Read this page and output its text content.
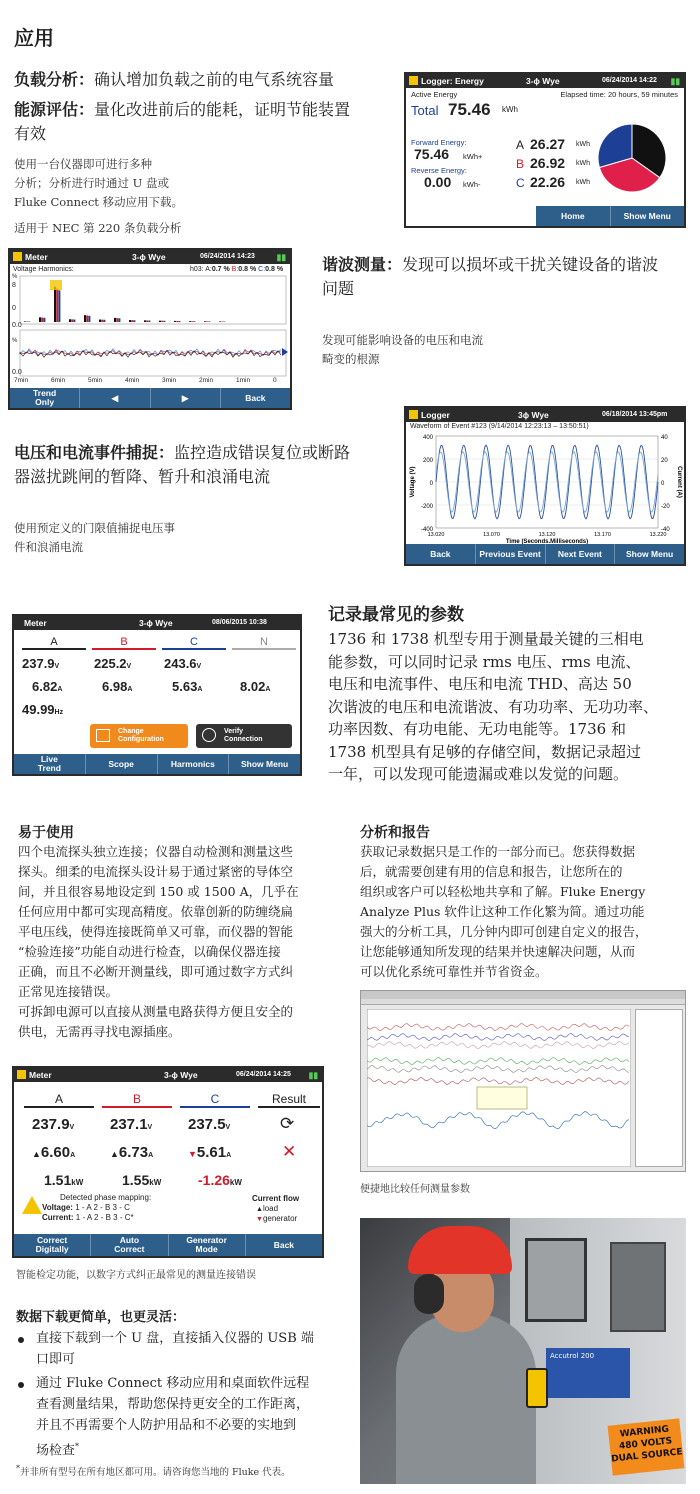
应用
负载分析：确认增加负载之前的电气系统容量
能源评估：量化改进前后的能耗，证明节能装置
有效
使用一台仪器即可进行多种
分析；分析进行时通过 U 盘或
Fluke Connect 移动应用下载。
适用于 NEC 第 220 条负载分析
Logger: Energy	3-ϕ Wye	06/24/2014 14:22 ▮▮
Active Energy	Elapsed time: 20 hours, 59 minutes
Total 75.46 kWh
Forward Energy:
75.46 kWh+
Reverse Energy:
0.00 kWh-
A 26.27 kWh
B 26.92 kWh
C 22.26 kWh
Home	Show Menu
Meter	3-ϕ Wye	06/24/2014 14:23	▮▮
Voltage Harmonics:	h03: A:0.7 % B:0.8 % C:0.8 %
%
8
0
0.0
%
0.0
7min	6min	5min	4min	3min	2min	1min	0
Trend
Only	◀	▶	Back
谐波测量：发现可以损坏或干扰关键设备的谐波
问题
发现可能影响设备的电压和电流
畸变的根源
Logger	3ϕ Wye	06/18/2014 13:45pm
Waveform of Event #123 (9/14/2014 12:23:13 – 13:50:51)
400
200
0
-200
-400
40
20
0
-20
-40
13.020	13.070	13.120	13.170	13.220
Time (Seconds.Milliseconds)
Voltage (V)	Current (A)
Back	Previous Event	Next Event	Show Menu
电压和电流事件捕捉：监控造成错误复位或断路
器滋扰跳闸的暂降、暂升和浪涌电流
使用预定义的门限值捕捉电压事
件和浪涌电流
Meter	3-ϕ Wye	08/06/2015 10:38
A	B	C	N
237.9V	225.2V	243.6V
6.82A	6.98A	5.63A	8.02A
49.99Hz
Change
Configuration
Verify
Connection
Live
Trend	Scope	Harmonics	Show Menu
记录最常见的参数
1736 和 1738 机型专用于测量最关键的三相电
能参数，可以同时记录 rms 电压、rms 电流、
电压和电流事件、电压和电流 THD、高达 50
次谐波的电压和电流谐波、有功功率、无功功率、
功率因数、有功电能、无功电能等。1736 和
1738 机型具有足够的存储空间，数据记录超过
一年，可以发现可能遗漏或难以发觉的问题。
易于使用
四个电流探头独立连接；仪器自动检测和测量这些
探头。细柔的电流探头设计易于通过紧密的导体空
间，并且很容易地设定到 150 或 1500 A，几乎在
任何应用中都可实现高精度。依靠创新的防缠绕扁
平电压线，使得连接既简单又可靠，而仪器的智能
“检验连接”功能自动进行检查，以确保仪器连接
正确，而且不必断开测量线，即可通过数字方式纠
正常见连接错误。
可拆卸电源可以直接从测量电路获得方便且安全的
供电，无需再寻找电源插座。
分析和报告
获取记录数据只是工作的一部分而已。您获得数据
后，就需要创建有用的信息和报告，让您所在的
组织或客户可以轻松地共享和了解。Fluke Energy
Analyze Plus 软件让这种工作化繁为简。通过功能
强大的分析工具，几分钟内即可创建自定义的报告，
让您能够通知所发现的结果并快速解决问题，从而
可以优化系统可靠性并节省资金。
便捷地比较任何测量参数
Meter	3-ϕ Wye	06/24/2014 14:25 ▮▮
A	B	C	Result
237.9V 237.1V 237.5V	⟳
▲6.60A	▲6.73A	▼5.61A	✕
1.51kW	1.55kW	-1.26kW
Detected phase mapping:
Voltage: 1 - A 2 - B 3 - C
Current: 1 - A 2 - B 3 - C*
Current flow
▲load
▼generator
Correct
Digitally
Auto
Correct
Generator
Mode	Back
智能检定功能，以数字方式纠正最常见的测量连接错误
数据下载更简单，也更灵活：
直接下载到一个 U 盘，直接插入仪器的 USB 端
口即可
通过 Fluke Connect 移动应用和桌面软件远程
查看测量结果，帮助您保持更安全的工作距离，
并且不再需要个人防护用品和不必要的实地到
场检查*
*并非所有型号在所有地区都可用。请咨询您当地的 Fluke 代表。
Accutrol 200
WARNING
480 VOLTS
DUAL SOURCE
